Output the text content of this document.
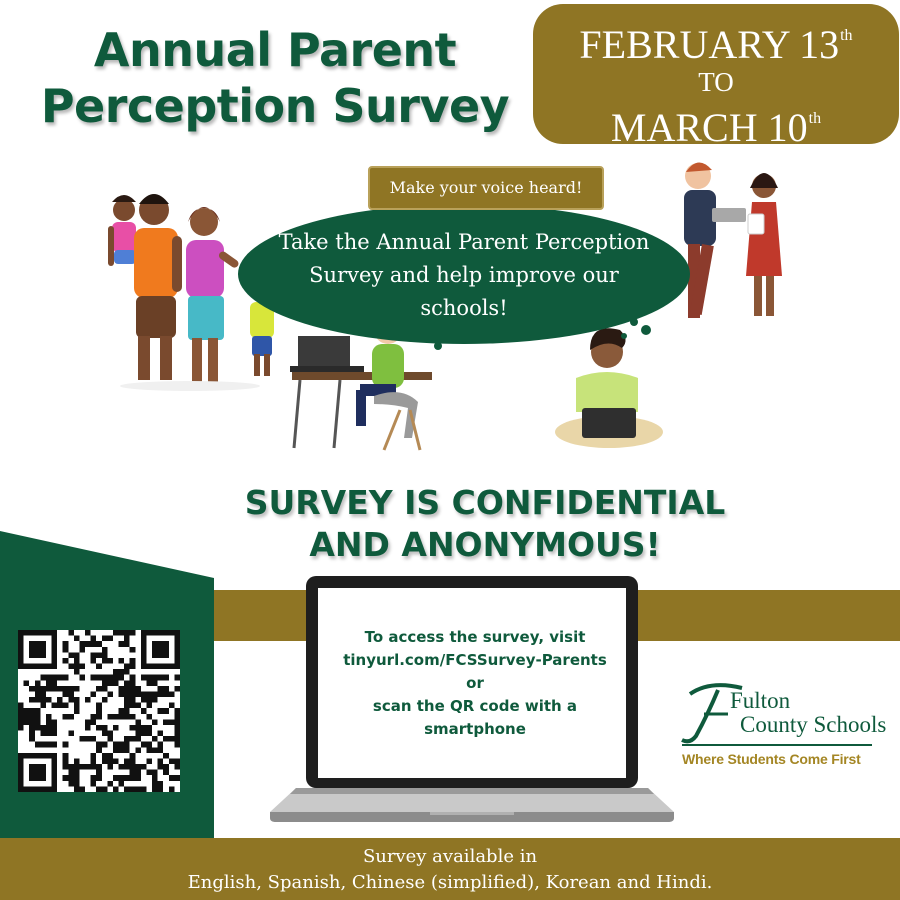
Annual Parent
Perception Survey
FEBRUARY 13th
TO
MARCH 10th
Make your voice heard!
Take the Annual Parent Perception
Survey and help improve our
schools!
SURVEY IS CONFIDENTIAL
AND ANONYMOUS!
To access the survey, visit
tinyurl.com/FCSSurvey-Parents
or
scan the QR code with a
smartphone
Fulton
County Schools
Where Students Come First
Survey available in
English, Spanish, Chinese (simplified), Korean and Hindi.
